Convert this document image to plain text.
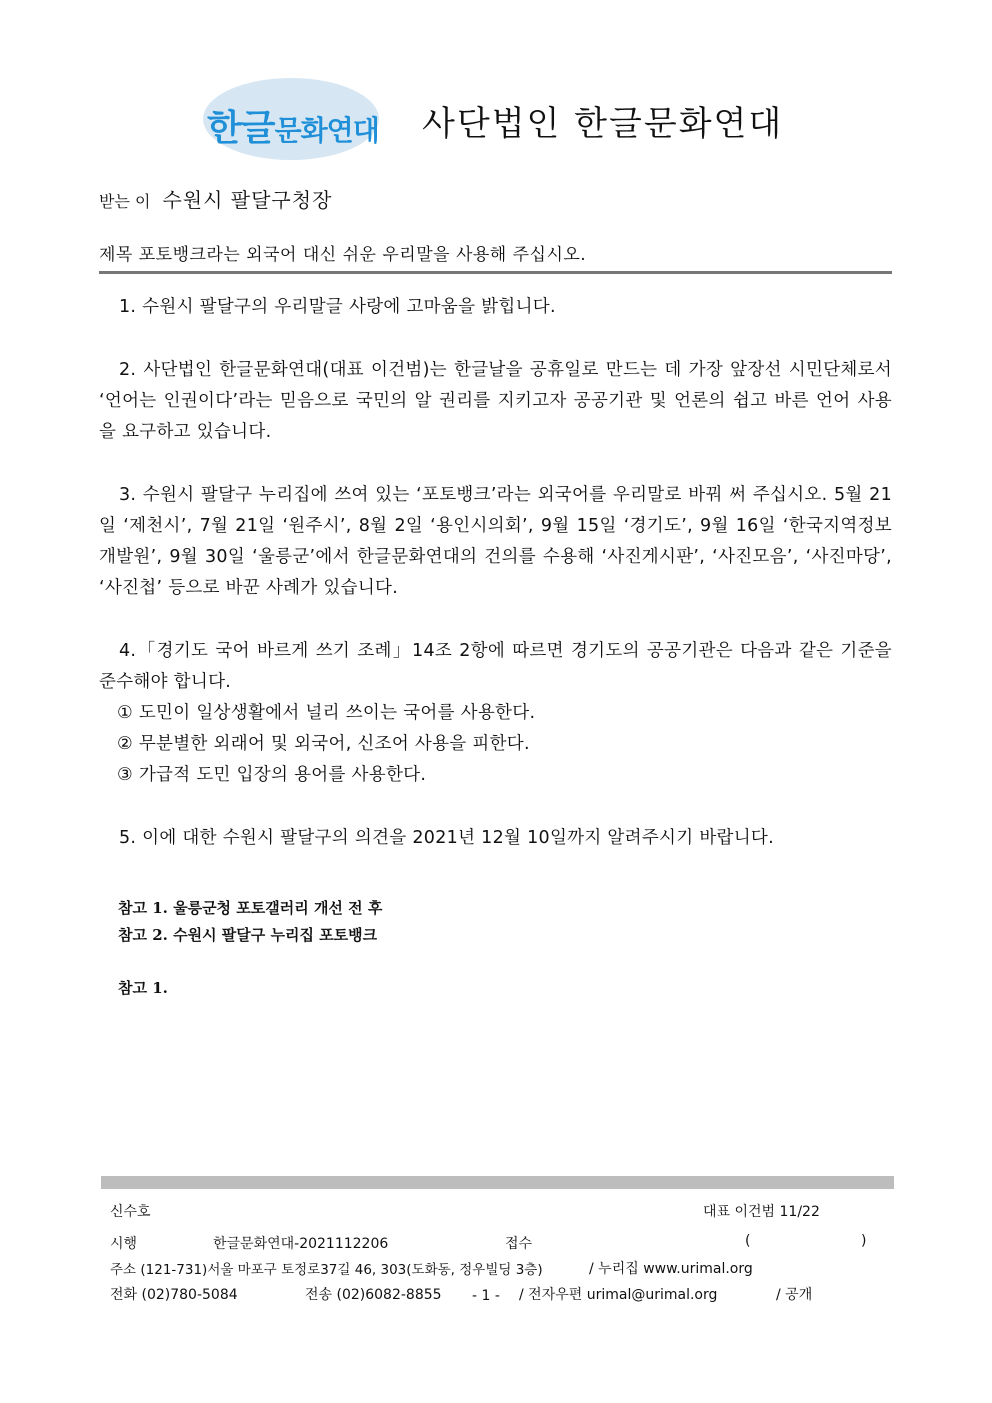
한글문화연대 사단법인 한글문화연대
받는 이 수원시 팔달구청장
제목 포토뱅크라는 외국어 대신 쉬운 우리말을 사용해 주십시오.

1. 수원시 팔달구의 우리말글 사랑에 고마움을 밝힙니다.

2. 사단법인 한글문화연대(대표 이건범)는 한글날을 공휴일로 만드는 데 가장 앞장선 시민단체로서 ‘언어는 인권이다’라는 믿음으로 국민의 알 권리를 지키고자 공공기관 및 언론의 쉽고 바른 언어 사용을 요구하고 있습니다.

3. 수원시 팔달구 누리집에 쓰여 있는 ‘포토뱅크’라는 외국어를 우리말로 바꿔 써 주십시오. 5월 21일 ‘제천시’, 7월 21일 ‘원주시’, 8월 2일 ‘용인시의회’, 9월 15일 ‘경기도’, 9월 16일 ‘한국지역정보개발원’, 9월 30일 ‘울릉군’에서 한글문화연대의 건의를 수용해 ‘사진게시판’, ‘사진모음’, ‘사진마당’, ‘사진첩’ 등으로 바꾼 사례가 있습니다.

4.「경기도 국어 바르게 쓰기 조례」14조 2항에 따르면 경기도의 공공기관은 다음과 같은 기준을 준수해야 합니다.

① 도민이 일상생활에서 널리 쓰이는 국어를 사용한다.

② 무분별한 외래어 및 외국어, 신조어 사용을 피한다.

③ 가급적 도민 입장의 용어를 사용한다.

5. 이에 대한 수원시 팔달구의 의견을 2021년 12월 10일까지 알려주시기 바랍니다.

참고 1. 울릉군청 포토갤러리 개선 전 후
참고 2. 수원시 팔달구 누리집 포토뱅크
참고 1.
신수호	대표 이건범 11/22
시행	한글문화연대-2021112206	접수	(	)
주소 (121-731)서울 마포구 토정로37길 46, 303(도화동, 정우빌딩 3층)	/ 누리집 www.urimal.org
전화 (02)780-5084	전송 (02)6082-8855 - 1 - / 전자우편 urimal@urimal.org	/ 공개
